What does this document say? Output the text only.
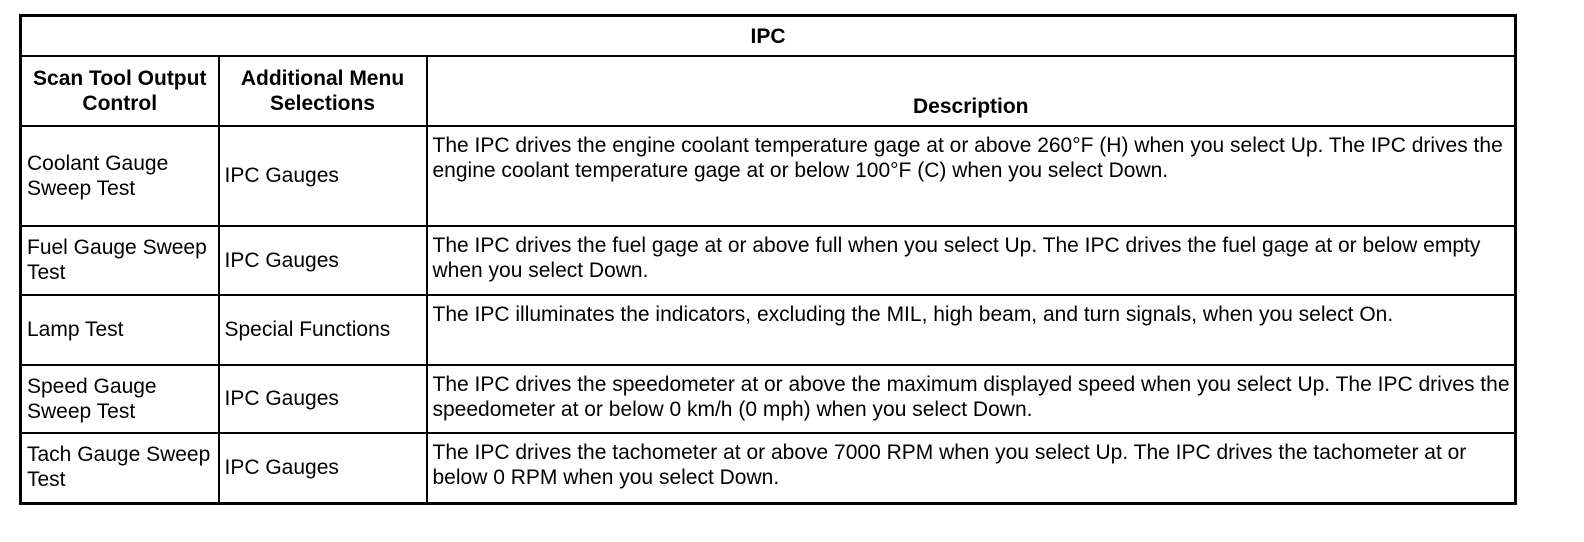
IPC		
Scan Tool Output Control	Additional Menu Selections	Description
Coolant Gauge Sweep Test	IPC Gauges	The IPC drives the engine coolant temperature gage at or above 260°F (H) when you select Up. The IPC drives the engine coolant temperature gage at or below 100°F (C) when you select Down.
Fuel Gauge Sweep Test	IPC Gauges	The IPC drives the fuel gage at or above full when you select Up. The IPC drives the fuel gage at or below empty when you select Down.
Lamp Test	Special Functions	The IPC illuminates the indicators, excluding the MIL, high beam, and turn signals, when you select On.
Speed Gauge Sweep Test	IPC Gauges	The IPC drives the speedometer at or above the maximum displayed speed when you select Up. The IPC drives the speedometer at or below 0 km/h (0 mph) when you select Down.
Tach Gauge Sweep Test	IPC Gauges	The IPC drives the tachometer at or above 7000 RPM when you select Up. The IPC drives the tachometer at or below 0 RPM when you select Down.
